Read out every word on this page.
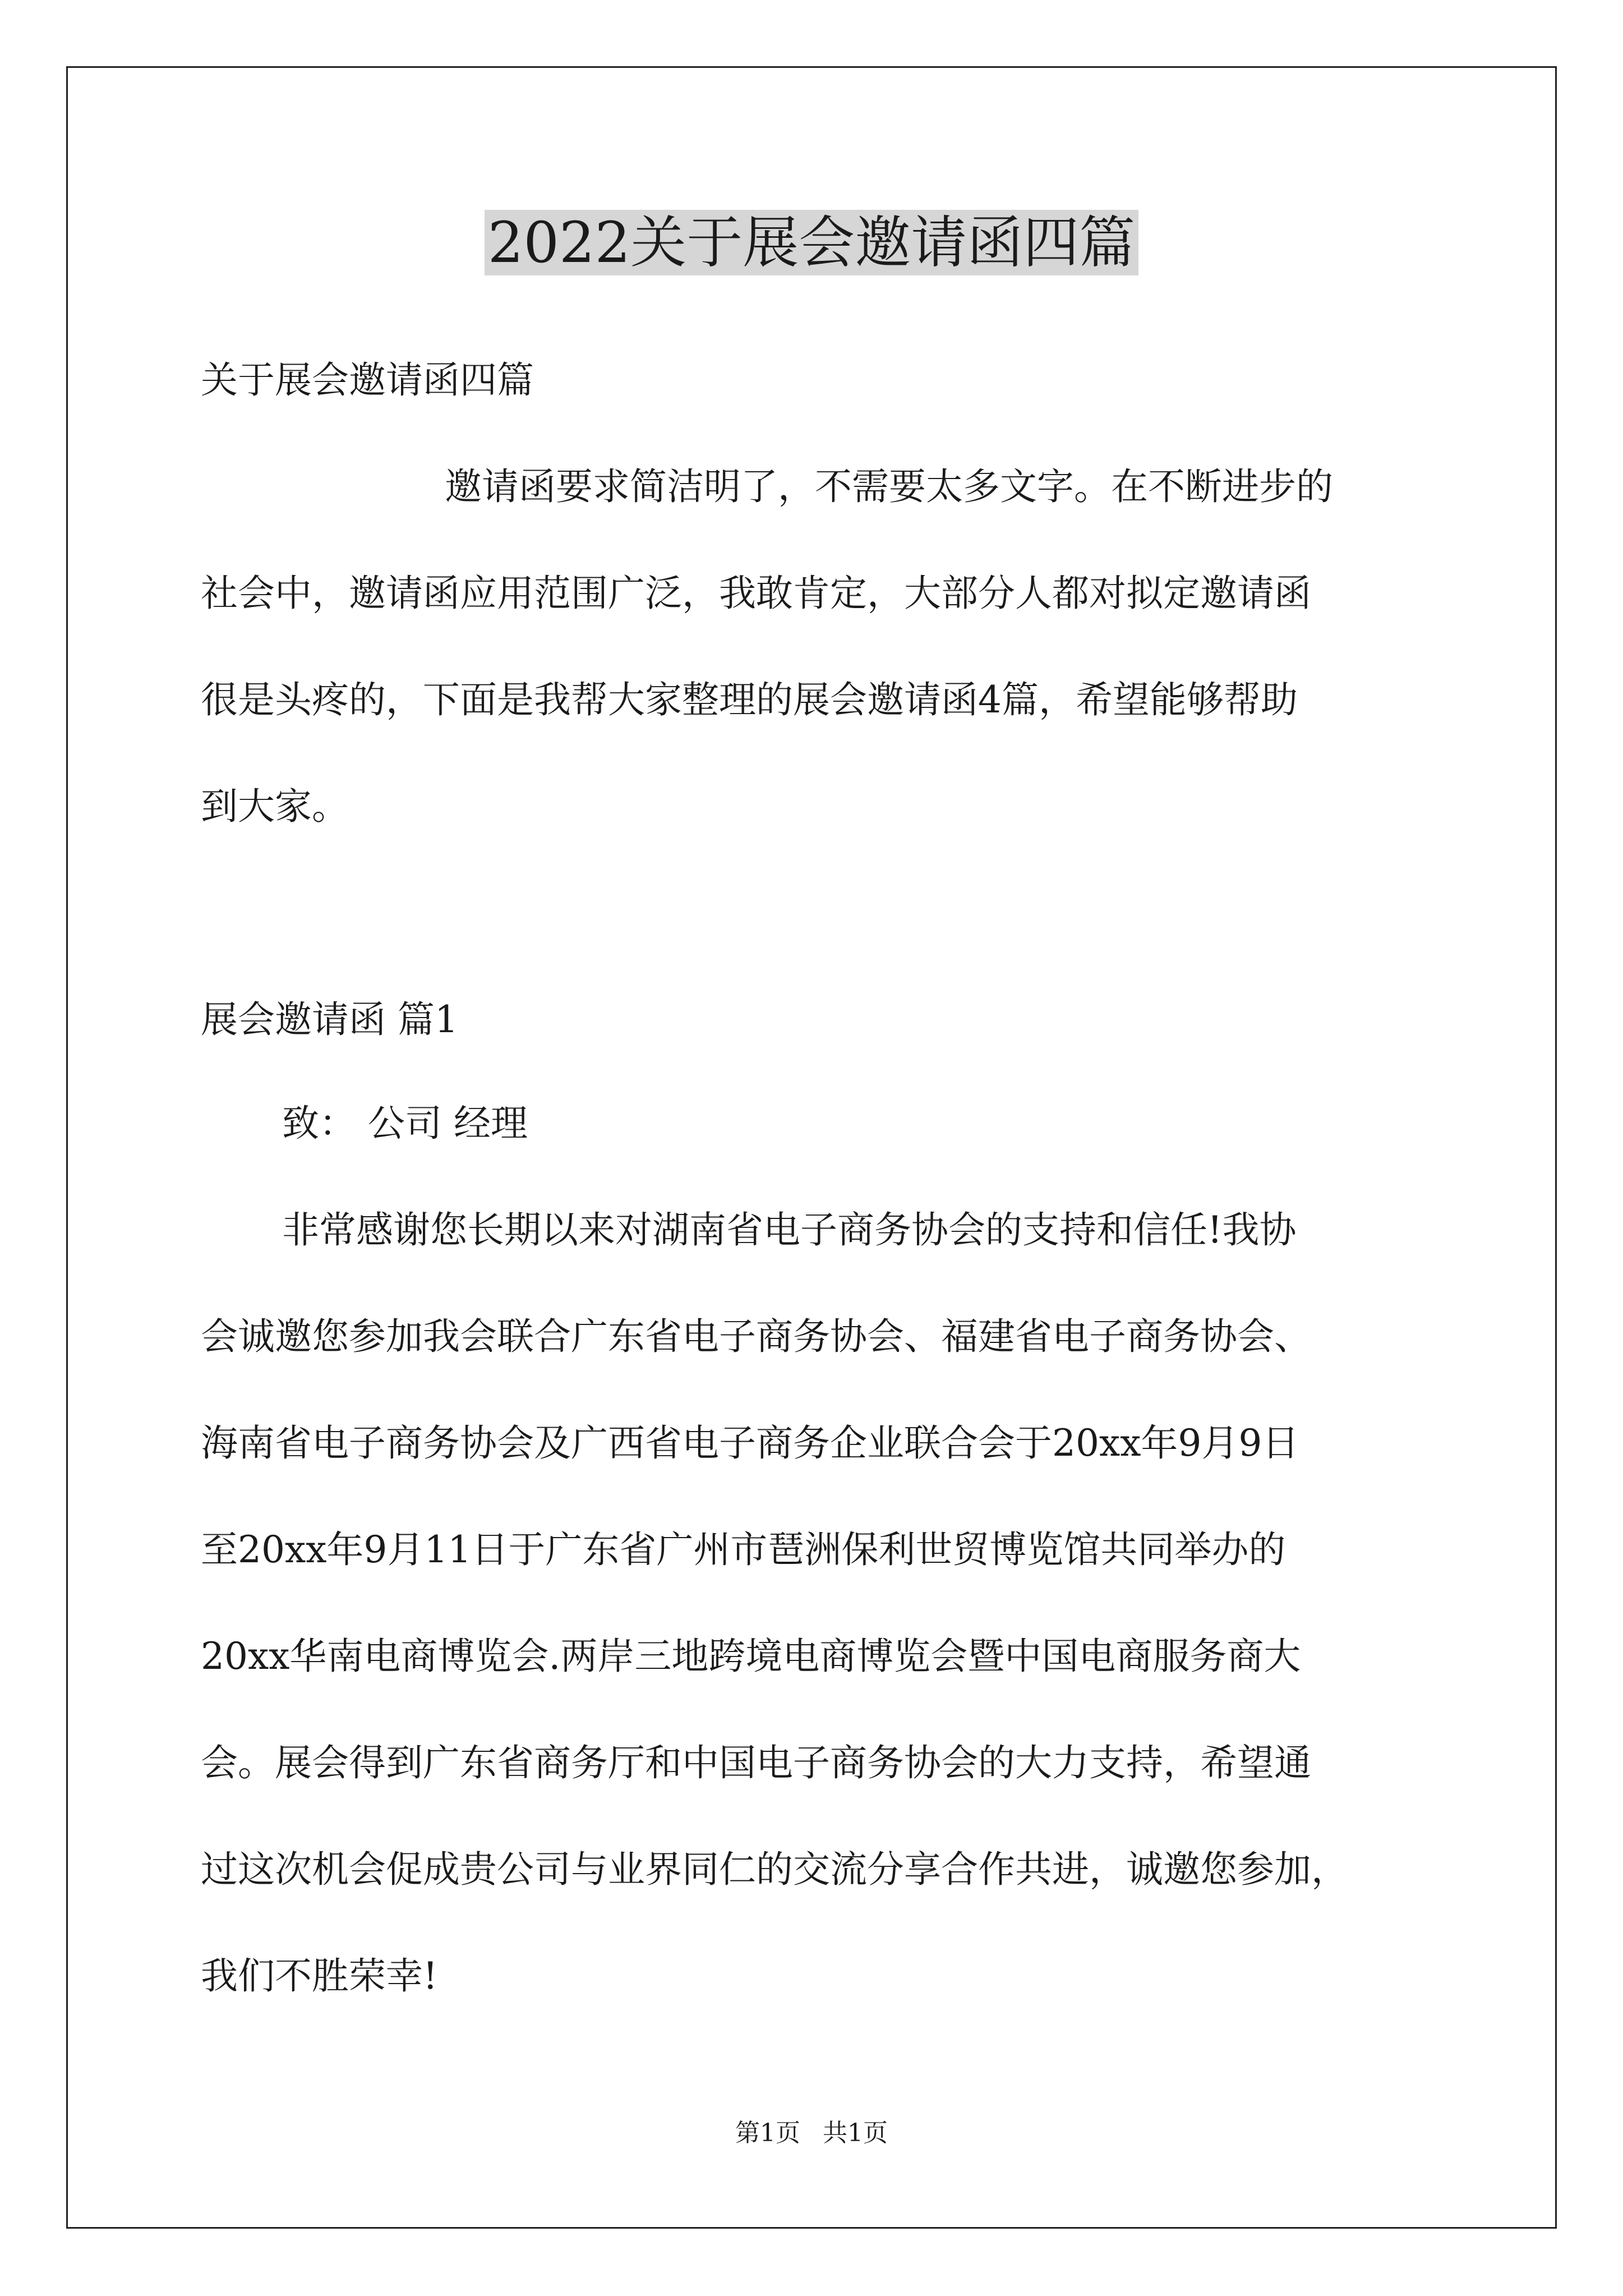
2022关于展会邀请函四篇
关于展会邀请函四篇
邀请函要求简洁明了，不需要太多文字。在不断进步的
社会中，邀请函应用范围广泛，我敢肯定，大部分人都对拟定邀请函
很是头疼的，下面是我帮大家整理的展会邀请函4篇，希望能够帮助
到大家。
展会邀请函 篇1
致： 公司 经理
非常感谢您长期以来对湖南省电子商务协会的支持和信任!我协
会诚邀您参加我会联合广东省电子商务协会、福建省电子商务协会、
海南省电子商务协会及广西省电子商务企业联合会于20xx年9月9日
至20xx年9月11日于广东省广州市琶洲保利世贸博览馆共同举办的
20xx华南电商博览会.两岸三地跨境电商博览会暨中国电商服务商大
会。展会得到广东省商务厅和中国电子商务协会的大力支持，希望通
过这次机会促成贵公司与业界同仁的交流分享合作共进，诚邀您参加，
我们不胜荣幸!
第1页 共1页
